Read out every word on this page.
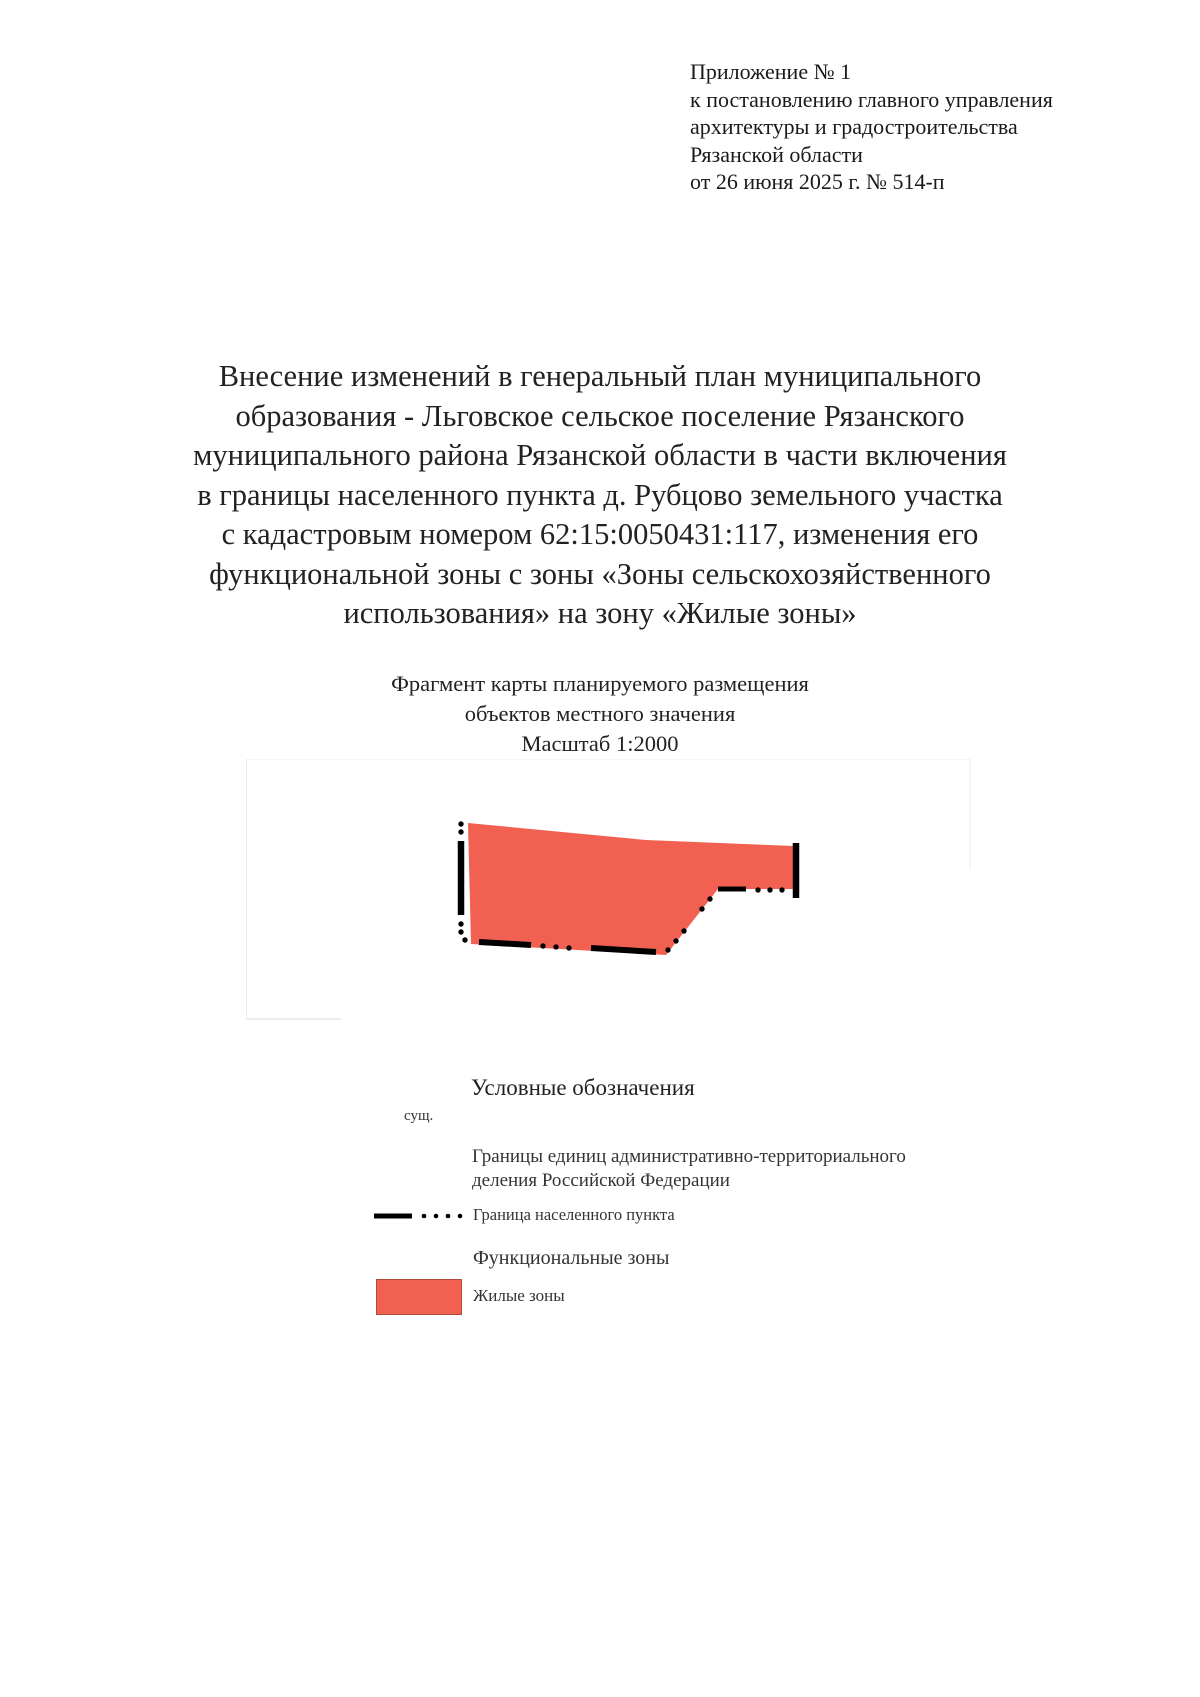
Приложение № 1
к постановлению главного управления
архитектуры и градостроительства
Рязанской области
от 26 июня 2025 г. № 514-п
Внесение изменений в генеральный план муниципального
образования - Льговское сельское поселение Рязанского
муниципального района Рязанской области в части включения
в границы населенного пункта д. Рубцово земельного участка
с кадастровым номером 62:15:0050431:117, изменения его
функциональной зоны с зоны «Зоны сельскохозяйственного
использования» на зону «Жилые зоны»
Фрагмент карты планируемого размещения
объектов местного значения
Масштаб 1:2000
Условные обозначения
сущ.
Границы единиц административно-территориального
деления Российской Федерации
Граница населенного пункта
Функциональные зоны
Жилые зоны
